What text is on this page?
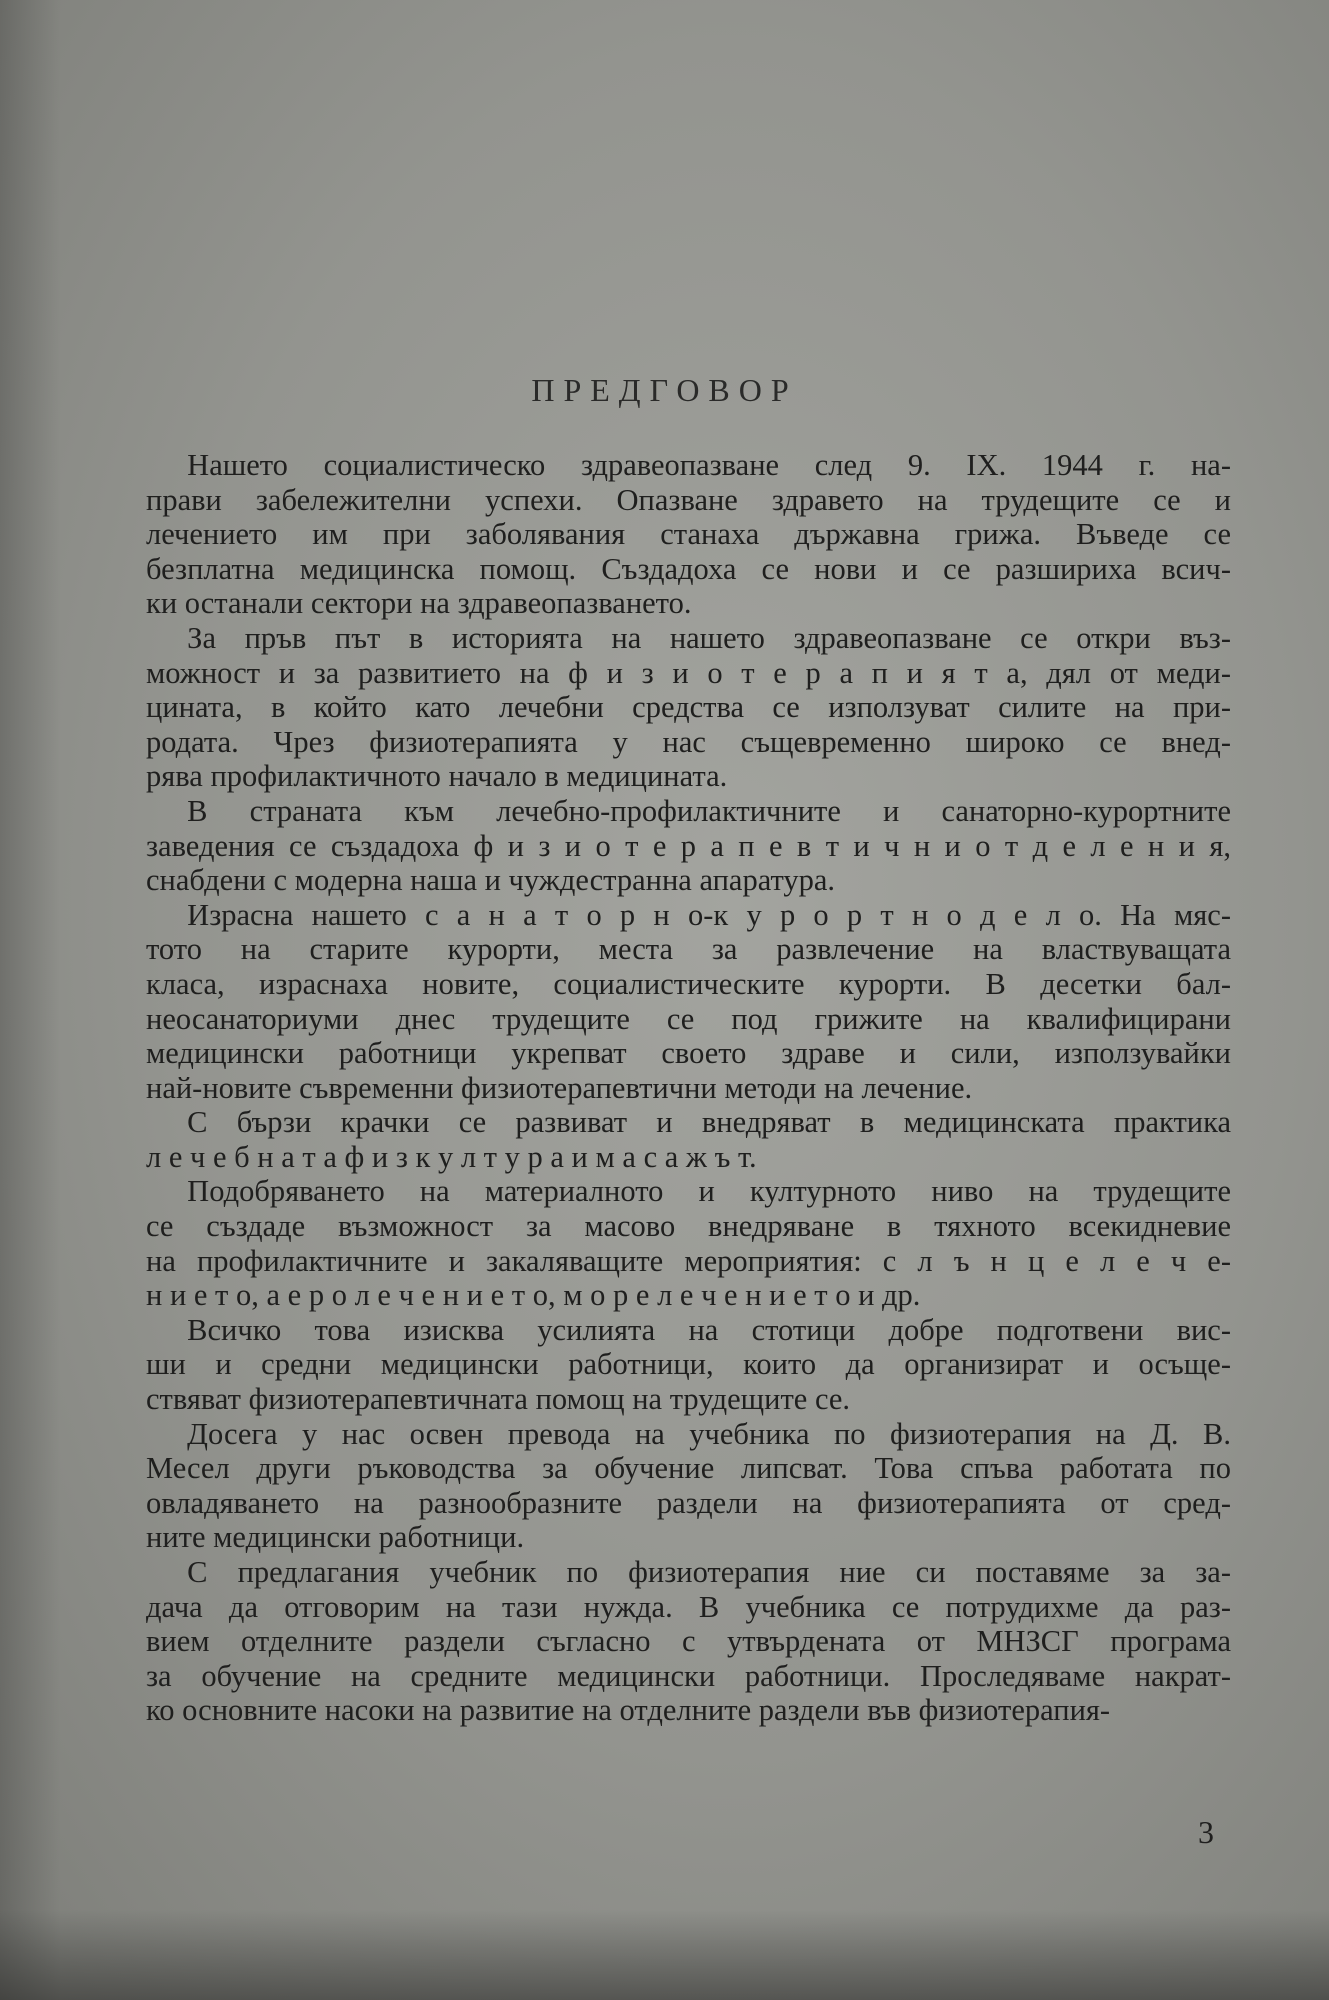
ПРЕДГОВОР
Нашето социалистическо здравеопазване след 9. IX. 1944 г. на-
прави забележителни успехи. Опазване здравето на трудещите се и
лечението им при заболявания станаха държавна грижа. Въведе се
безплатна медицинска помощ. Създадоха се нови и се разшириха всич-
ки останали сектори на здравеопазването.
За пръв път в историята на нашето здравеопазване се откри въз-
можност и за развитието на ф и з и о т е р а п и я т а, дял от меди-
цината, в който като лечебни средства се използуват силите на при-
родата. Чрез физиотерапията у нас същевременно широко се внед-
рява профилактичното начало в медицината.
В страната към лечебно-профилактичните и санаторно-курортните
заведения се създадоха ф и з и о т е р а п е в т и ч н и о т д е л е н и я,
снабдени с модерна наша и чуждестранна апаратура.
Израсна нашето с а н а т о р н о-к у р о р т н о д е л о. На мяс-
тото на старите курорти, места за развлечение на властвуващата
класа, израснаха новите, социалистическите курорти. В десетки бал-
неосанаториуми днес трудещите се под грижите на квалифицирани
медицински работници укрепват своето здраве и сили, използувайки
най-новите съвременни физиотерапевтични методи на лечение.
С бързи крачки се развиват и внедряват в медицинската практика
л е ч е б н а т а ф и з к у л т у р а и м а с а ж ъ т.
Подобряването на материалното и културното ниво на трудещите
се създаде възможност за масово внедряване в тяхното всекидневие
на профилактичните и закаляващите мероприятия: с л ъ н ц е л е ч е-
н и е т о, а е р о л е ч е н и е т о, м о р е л е ч е н и е т о и др.
Всичко това изисква усилията на стотици добре подготвени вис-
ши и средни медицински работници, които да организират и осъще-
ствяват физиотерапевтичната помощ на трудещите се.
Досега у нас освен превода на учебника по физиотерапия на Д. В.
Месел други ръководства за обучение липсват. Това спъва работата по
овладяването на разнообразните раздели на физиотерапията от сред-
ните медицински работници.
С предлагания учебник по физиотерапия ние си поставяме за за-
дача да отговорим на тази нужда. В учебника се потрудихме да раз-
вием отделните раздели съгласно с утвърдената от МНЗСГ програма
за обучение на средните медицински работници. Проследяваме накрат-
ко основните насоки на развитие на отделните раздели във физиотерапия-
3
